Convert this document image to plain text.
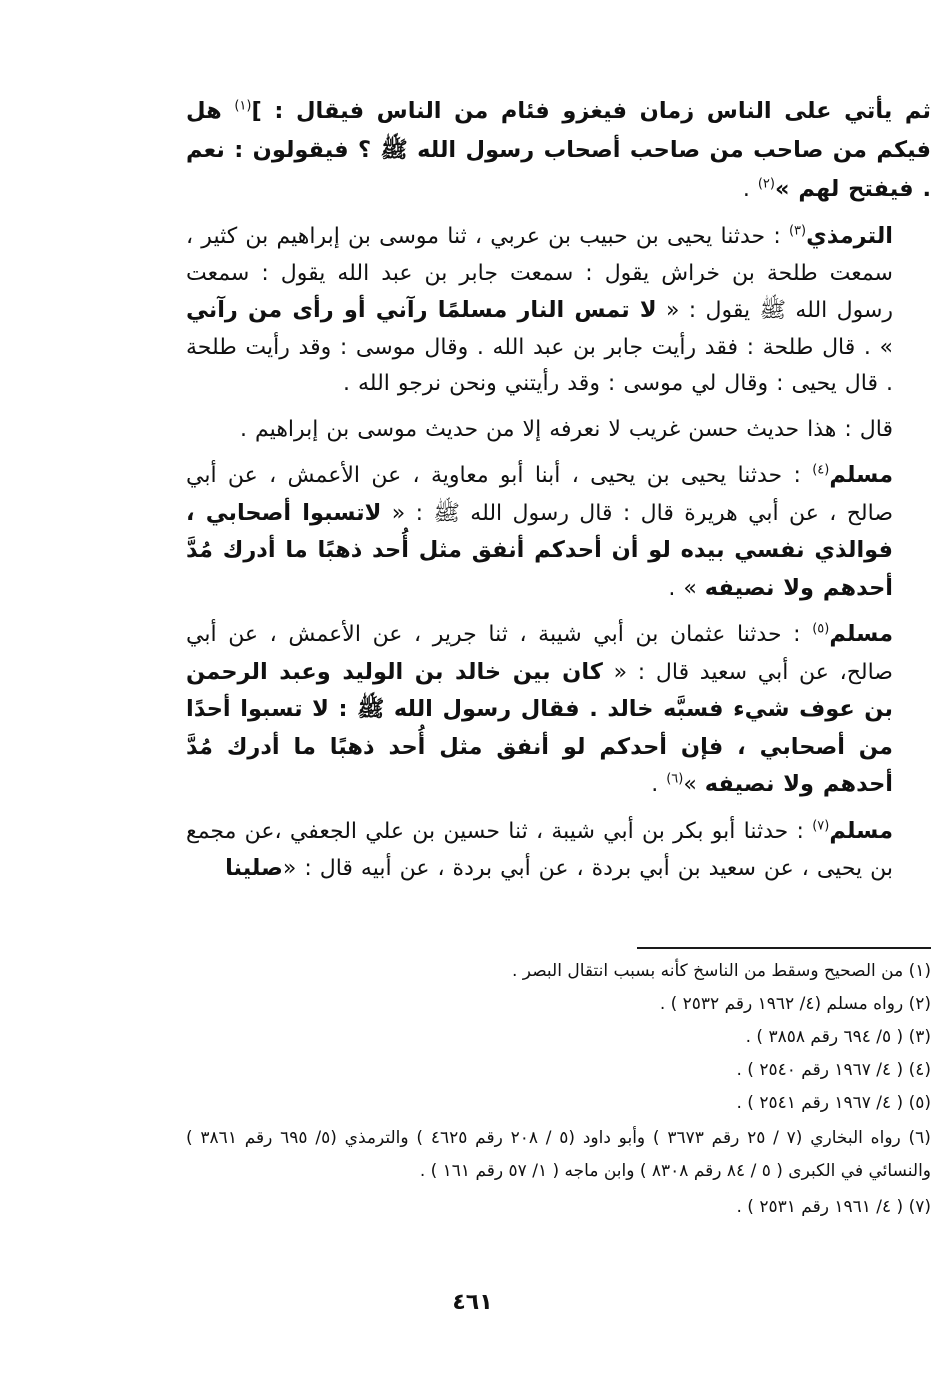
ثم يأتي على الناس زمان فيغزو فئام من الناس فيقال : ]$^{(١)}$ هل فيكم من صاحب من صاحب أصحاب رسول الله ﷺ ؟ فيقولون : نعم . فيفتح لهم »$^{(٢)}$ .

الترمذي$^{(٣)}$ : حدثنا يحيى بن حبيب بن عربي ، ثنا موسى بن إبراهيم بن كثير ، سمعت طلحة بن خراش يقول : سمعت جابر بن عبد الله يقول : سمعت رسول الله ﷺ يقول : « لا تمس النار مسلمًا رآني أو رأى من رآني » . قال طلحة : فقد رأيت جابر بن عبد الله . وقال موسى : وقد رأيت طلحة . قال يحيى : وقال لي موسى : وقد رأيتني ونحن نرجو الله .

قال : هذا حديث حسن غريب لا نعرفه إلا من حديث موسى بن إبراهيم .

مسلم$^{(٤)}$ : حدثنا يحيى بن يحيى ، أبنا أبو معاوية ، عن الأعمش ، عن أبي صالح ، عن أبي هريرة قال : قال رسول الله ﷺ : « لاتسبوا أصحابي ، فوالذي نفسي بيده لو أن أحدكم أنفق مثل أُحد ذهبًا ما أدرك مُدَّ أحدهم ولا نصيفه » .

مسلم$^{(٥)}$ : حدثنا عثمان بن أبي شيبة ، ثنا جرير ، عن الأعمش ، عن أبي صالح، عن أبي سعيد قال : « كان بين خالد بن الوليد وعبد الرحمن بن عوف شيء فسبَّه خالد . فقال رسول الله ﷺ : لا تسبوا أحدًا من أصحابي ، فإن أحدكم لو أنفق مثل أُحد ذهبًا ما أدرك مُدَّ أحدهم ولا نصيفه »$^{(٦)}$ .

مسلم$^{(٧)}$ : حدثنا أبو بكر بن أبي شيبة ، ثنا حسين بن علي الجعفي ،عن مجمع بن يحيى ، عن سعيد بن أبي بردة ، عن أبي بردة ، عن أبيه قال : «صلينا

(١) من الصحيح وسقط من الناسخ كأنه بسبب انتقال البصر .

(٢) رواه مسلم (٤/ ١٩٦٢ رقم ٢٥٣٢ ) .

(٣) ( ٥/ ٦٩٤ رقم ٣٨٥٨ ) .

(٤) ( ٤/ ١٩٦٧ رقم ٢٥٤٠ ) .

(٥) ( ٤/ ١٩٦٧ رقم ٢٥٤١ ) .

(٦) رواه البخاري (٧ / ٢٥ رقم ٣٦٧٣ ) وأبو داود (٥ / ٢٠٨ رقم ٤٦٢٥ ) والترمذي (٥/ ٦٩٥ رقم ٣٨٦١ ) والنسائي في الكبرى ( ٥ / ٨٤ رقم ٨٣٠٨ ) وابن ماجه ( ١/ ٥٧ رقم ١٦١ ) .

(٧) ( ٤/ ١٩٦١ رقم ٢٥٣١ ) .

٤٦١
